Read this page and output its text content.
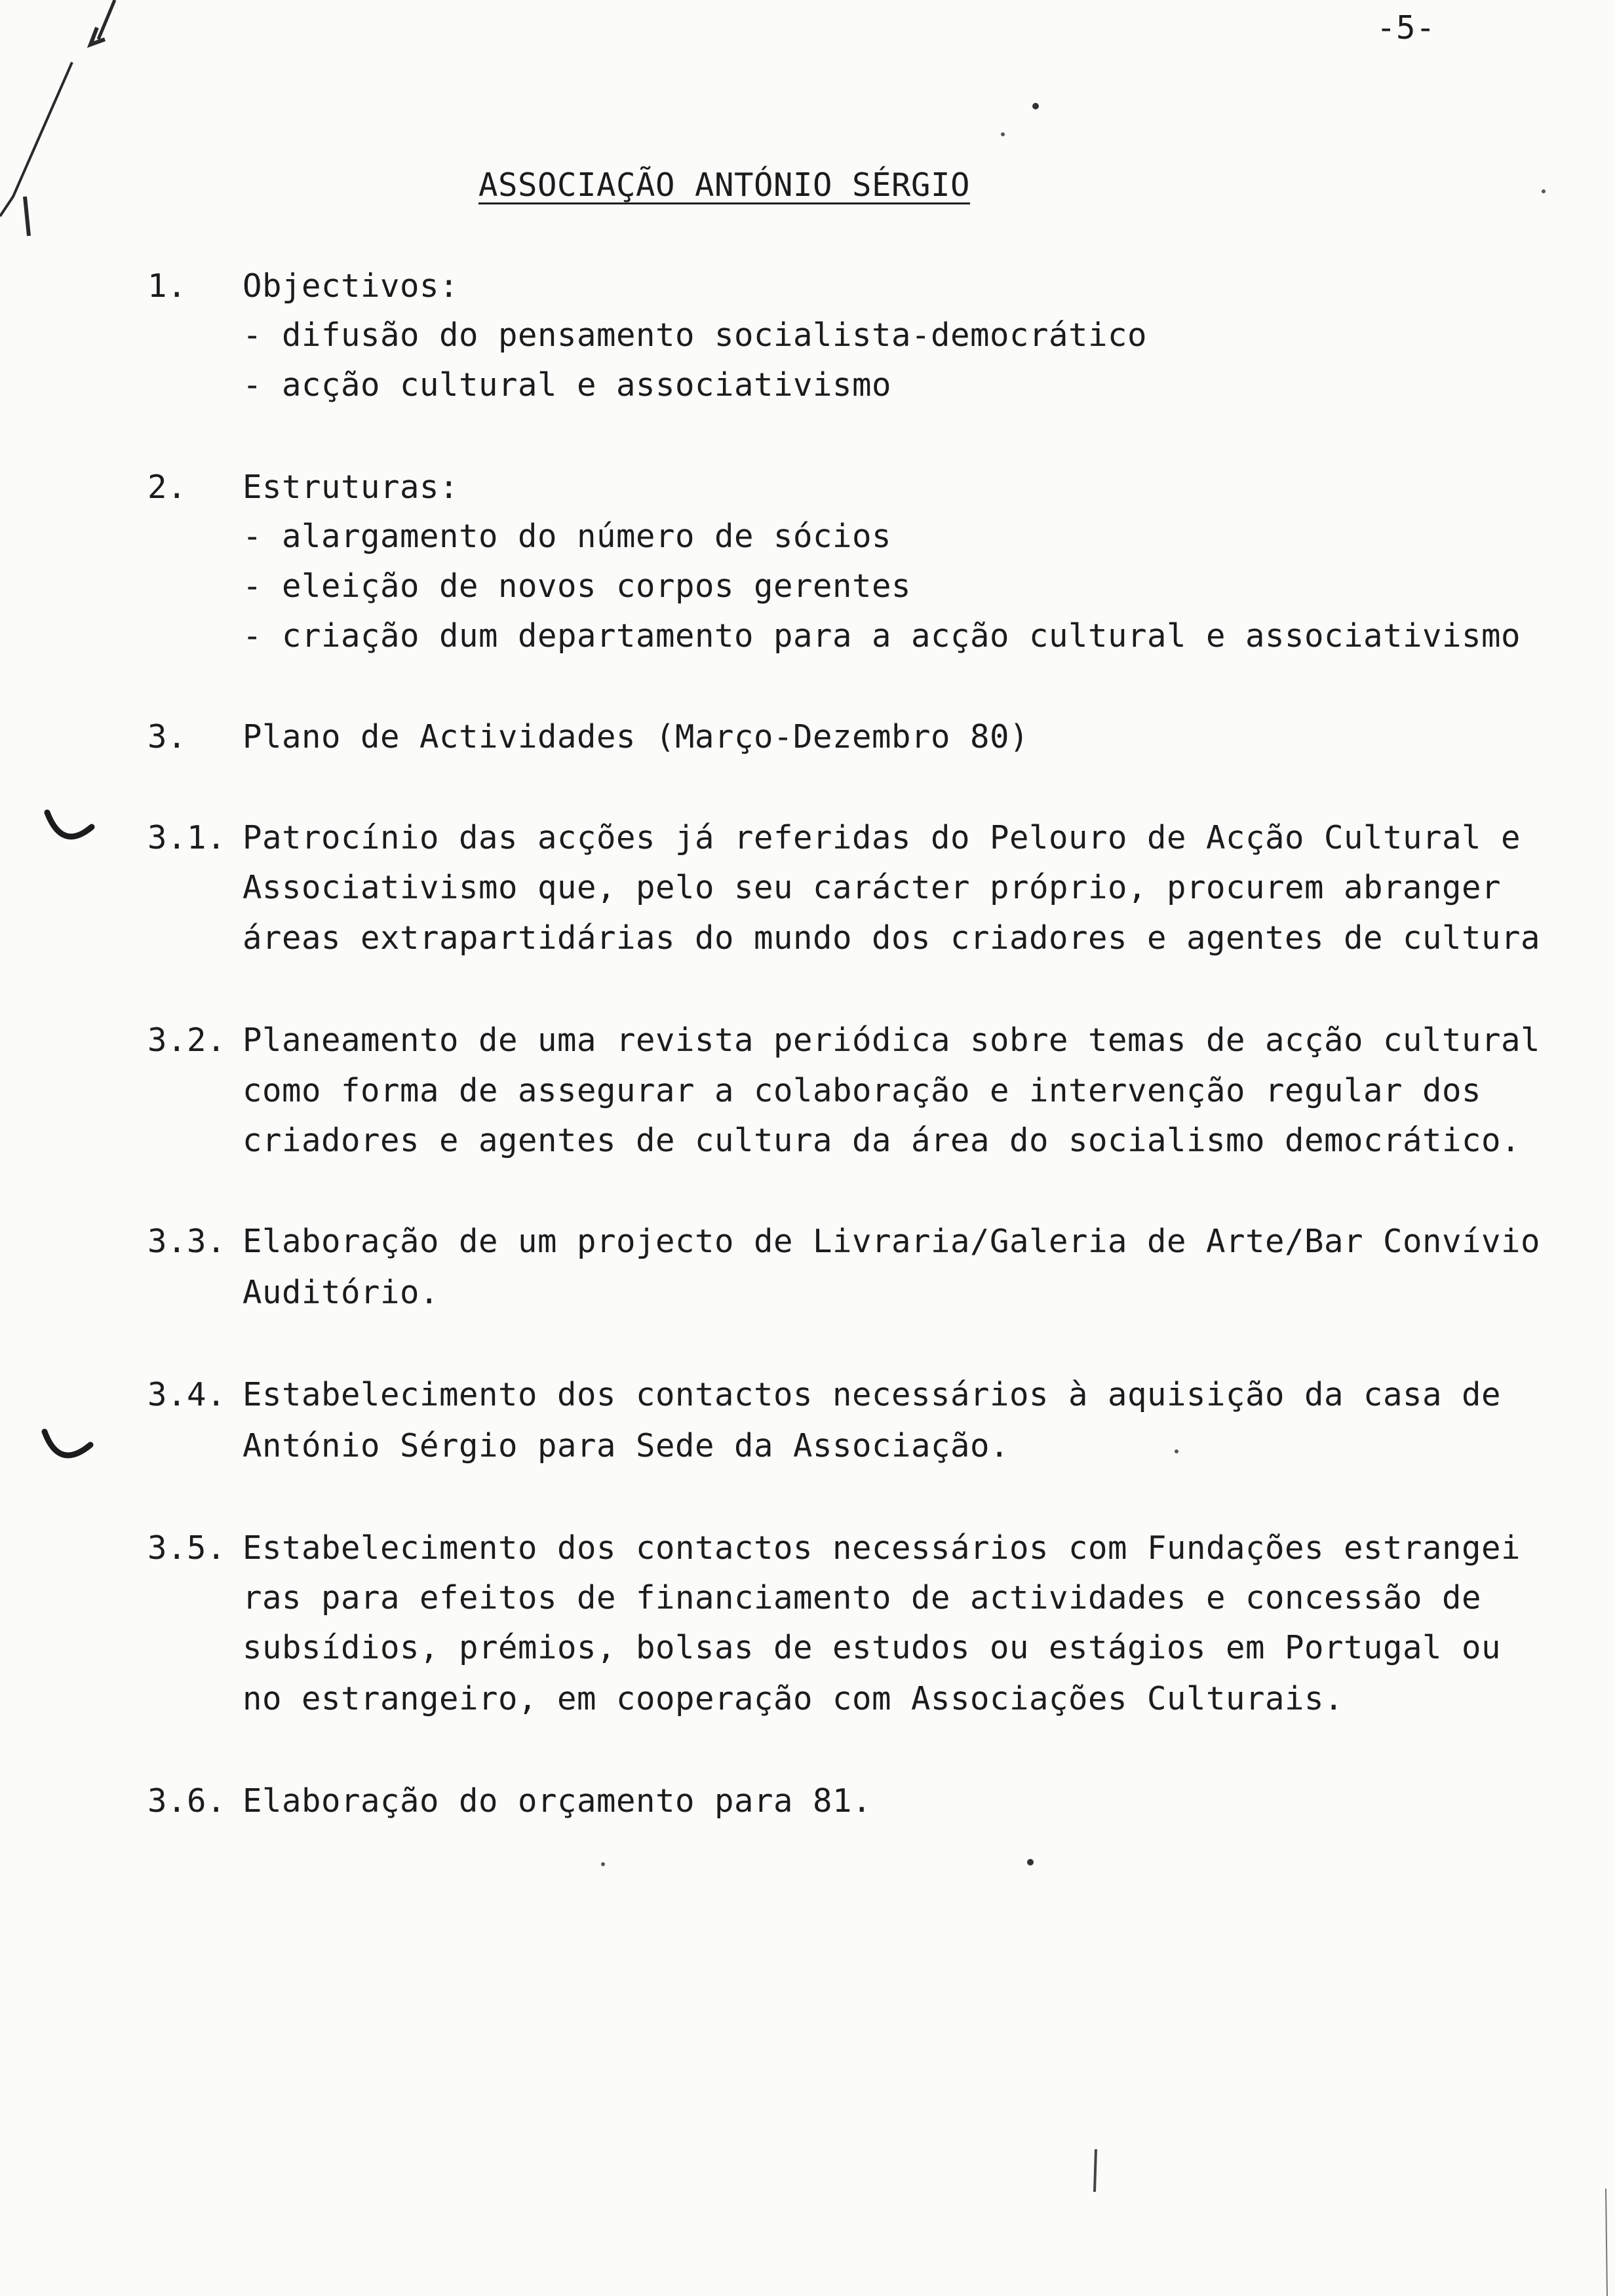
-5-
ASSOCIAÇÃO ANTÓNIO SÉRGIO
1. Objectivos:
- difusão do pensamento socialista-democrático
- acção cultural e associativismo
2. Estruturas:
- alargamento do número de sócios
- eleição de novos corpos gerentes
- criação dum departamento para a acção cultural e associativismo
3. Plano de Actividades (Março-Dezembro 80)
3.1. Patrocínio das acções já referidas do Pelouro de Acção Cultural e
Associativismo que, pelo seu carácter próprio, procurem abranger
áreas extrapartidárias do mundo dos criadores e agentes de cultura
3.2. Planeamento de uma revista periódica sobre temas de acção cultural
como forma de assegurar a colaboração e intervenção regular dos
criadores e agentes de cultura da área do socialismo democrático.
3.3. Elaboração de um projecto de Livraria/Galeria de Arte/Bar Convívio
Auditório.
3.4. Estabelecimento dos contactos necessários à aquisição da casa de
António Sérgio para Sede da Associação.
3.5. Estabelecimento dos contactos necessários com Fundações estrangei
ras para efeitos de financiamento de actividades e concessão de
subsídios, prémios, bolsas de estudos ou estágios em Portugal ou
no estrangeiro, em cooperação com Associações Culturais.
3.6. Elaboração do orçamento para 81.
